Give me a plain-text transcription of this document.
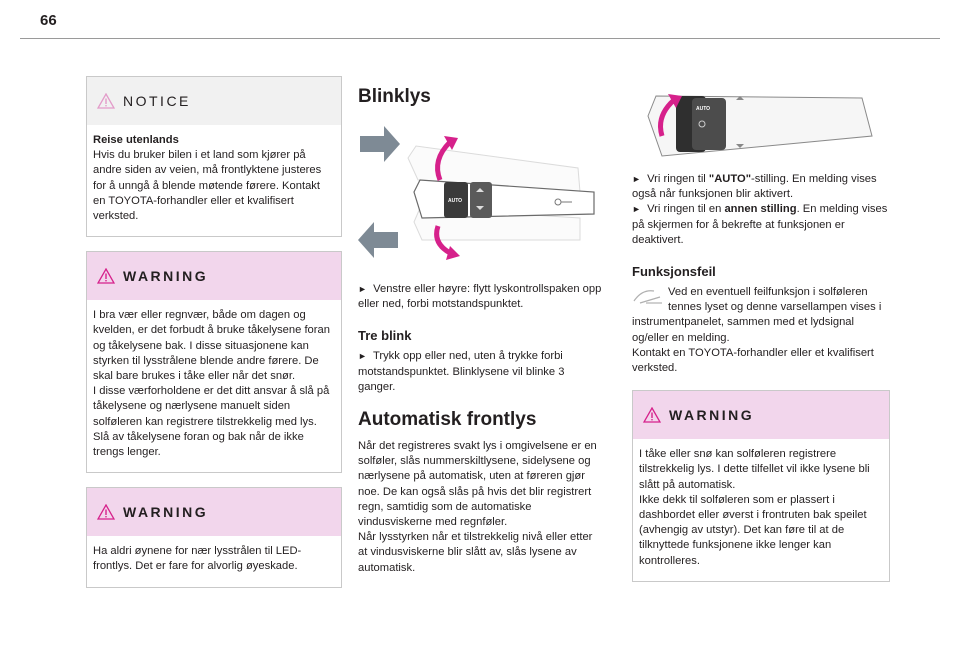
66
NOTICE
Reise utenlands
Hvis du bruker bilen i et land som kjører på andre siden av veien, må frontlyktene justeres for å unngå å blende møtende førere. Kontakt en TOYOTA-forhandler eller et kvalifisert verksted.
WARNING
I bra vær eller regnvær, både om dagen og kvelden, er det forbudt å bruke tåkelysene foran og tåkelysene bak. I disse situasjonene kan styrken til lysstrålene blende andre førere. De skal bare brukes i tåke eller når det snør.
I disse værforholdene er det ditt ansvar å slå på tåkelysene og nærlysene manuelt siden solføleren kan registrere tilstrekkelig med lys.
Slå av tåkelysene foran og bak når de ikke trengs lenger.
WARNING
Ha aldri øynene for nær lysstrålen til LED-frontlys. Det er fare for alvorlig øyeskade.
Blinklys
AUTO

► Venstre eller høyre: flytt lyskontrollspaken opp eller ned, forbi motstandspunktet.

Tre blink

► Trykk opp eller ned, uten å trykke forbi motstandspunktet. Blinklysene vil blinke 3 ganger.

Automatisk frontlys

Når det registreres svakt lys i omgivelsene er en solføler, slås nummerskiltlysene, sidelysene og nærlysene på automatisk, uten at føreren gjør noe. De kan også slås på hvis det blir registrert regn, samtidig som de automatiske vindusviskerne med regnføler.

Når lysstyrken når et tilstrekkelig nivå eller etter at vindusviskerne blir slått av, slås lysene av automatisk.

AUTO

► Vri ringen til "AUTO"-stilling. En melding vises også når funksjonen blir aktivert.

► Vri ringen til en annen stilling. En melding vises på skjermen for å bekrefte at funksjonen er deaktivert.

Funksjonsfeil

Ved en eventuell feilfunksjon i solføleren tennes lyset og denne varsellampen vises i instrumentpanelet, sammen med et lydsignal og/eller en melding.

Kontakt en TOYOTA-forhandler eller et kvalifisert verksted.

WARNING
I tåke eller snø kan solføleren registrere tilstrekkelig lys. I dette tilfellet vil ikke lysene bli slått på automatisk.
Ikke dekk til solføleren som er plassert i dashbordet eller øverst i frontruten bak speilet (avhengig av utstyr). Det kan føre til at de tilknyttede funksjonene ikke lenger kan kontrolleres.
